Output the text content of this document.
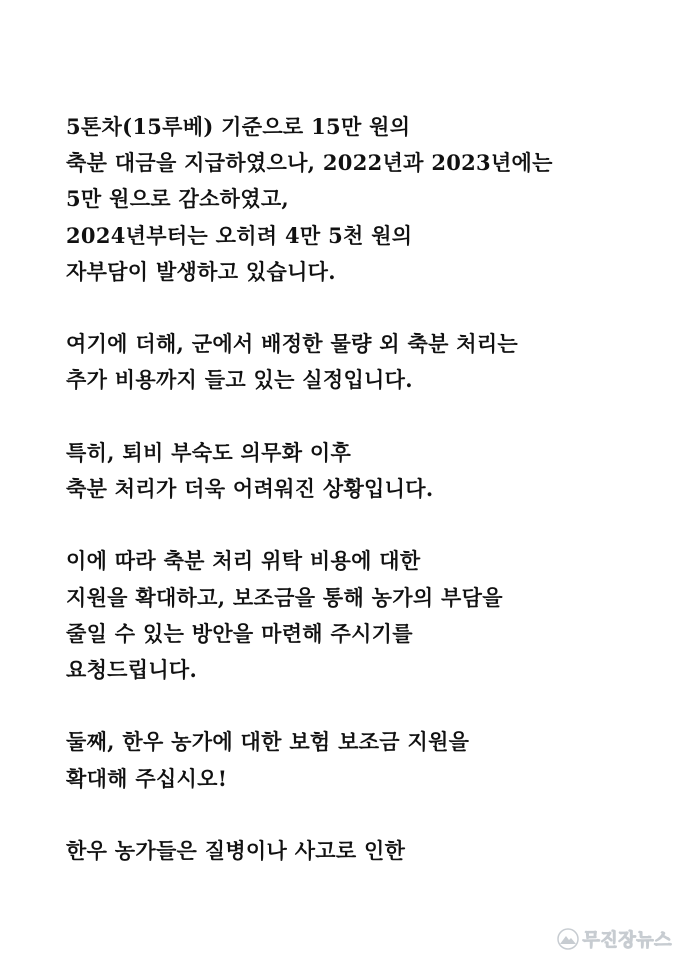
5톤차(15루베) 기준으로 15만 원의
축분 대금을 지급하였으나, 2022년과 2023년에는
5만 원으로 감소하였고,
2024년부터는 오히려 4만 5천 원의
자부담이 발생하고 있습니다.
여기에 더해, 군에서 배정한 물량 외 축분 처리는
추가 비용까지 들고 있는 실정입니다.
특히, 퇴비 부숙도 의무화 이후
축분 처리가 더욱 어려워진 상황입니다.
이에 따라 축분 처리 위탁 비용에 대한
지원을 확대하고, 보조금을 통해 농가의 부담을
줄일 수 있는 방안을 마련해 주시기를
요청드립니다.
둘째, 한우 농가에 대한 보험 보조금 지원을
확대해 주십시오!
한우 농가들은 질병이나 사고로 인한
무진장뉴스
